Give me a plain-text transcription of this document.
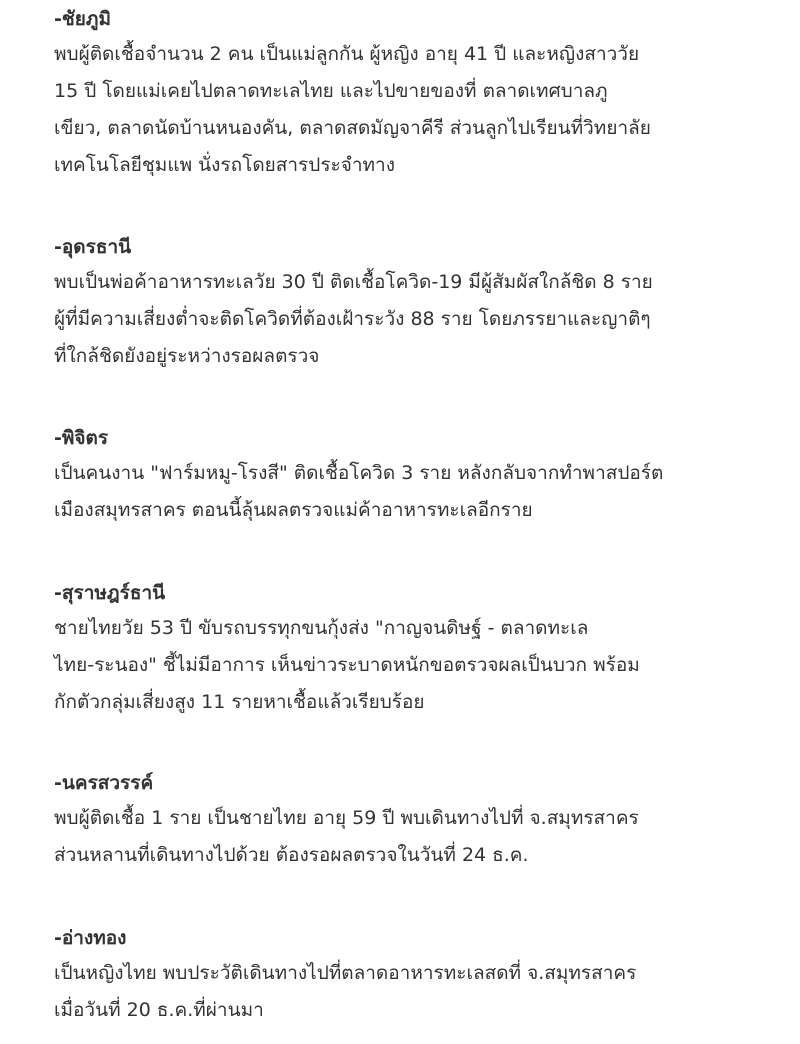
-ชัยภูมิ
พบผู้ติดเชื้อจำนวน 2 คน เป็นแม่ลูกกัน ผู้หญิง อายุ 41 ปี และหญิงสาววัย
15 ปี โดยแม่เคยไปตลาดทะเลไทย และไปขายของที่ ตลาดเทศบาลภู
เขียว, ตลาดนัดบ้านหนองคัน, ตลาดสดมัญจาคีรี ส่วนลูกไปเรียนที่วิทยาลัย
เทคโนโลยีชุมแพ นั่งรถโดยสารประจำทาง
-อุดรธานี
พบเป็นพ่อค้าอาหารทะเลวัย 30 ปี ติดเชื้อโควิด-19 มีผู้สัมผัสใกล้ชิด 8 ราย
ผู้ที่มีความเสี่ยงต่ำจะติดโควิดที่ต้องเฝ้าระวัง 88 ราย โดยภรรยาและญาติๆ
ที่ใกล้ชิดยังอยู่ระหว่างรอผลตรวจ
-พิจิตร
เป็นคนงาน "ฟาร์มหมู-โรงสี" ติดเชื้อโควิด 3 ราย หลังกลับจากทำพาสปอร์ต
เมืองสมุทรสาคร ตอนนี้ลุ้นผลตรวจแม่ค้าอาหารทะเลอีกราย
-สุราษฎร์ธานี
ชายไทยวัย 53 ปี ขับรถบรรทุกขนกุ้งส่ง "กาญจนดิษฐ์ - ตลาดทะเล
ไทย-ระนอง" ชี้ไม่มีอาการ เห็นข่าวระบาดหนักขอตรวจผลเป็นบวก พร้อม
กักตัวกลุ่มเสี่ยงสูง 11 รายหาเชื้อแล้วเรียบร้อย
-นครสวรรค์
พบผู้ติดเชื้อ 1 ราย เป็นชายไทย อายุ 59 ปี พบเดินทางไปที่ จ.สมุทรสาคร
ส่วนหลานที่เดินทางไปด้วย ต้องรอผลตรวจในวันที่ 24 ธ.ค.
-อ่างทอง
เป็นหญิงไทย พบประวัติเดินทางไปที่ตลาดอาหารทะเลสดที่ จ.สมุทรสาคร
เมื่อวันที่ 20 ธ.ค.ที่ผ่านมา
